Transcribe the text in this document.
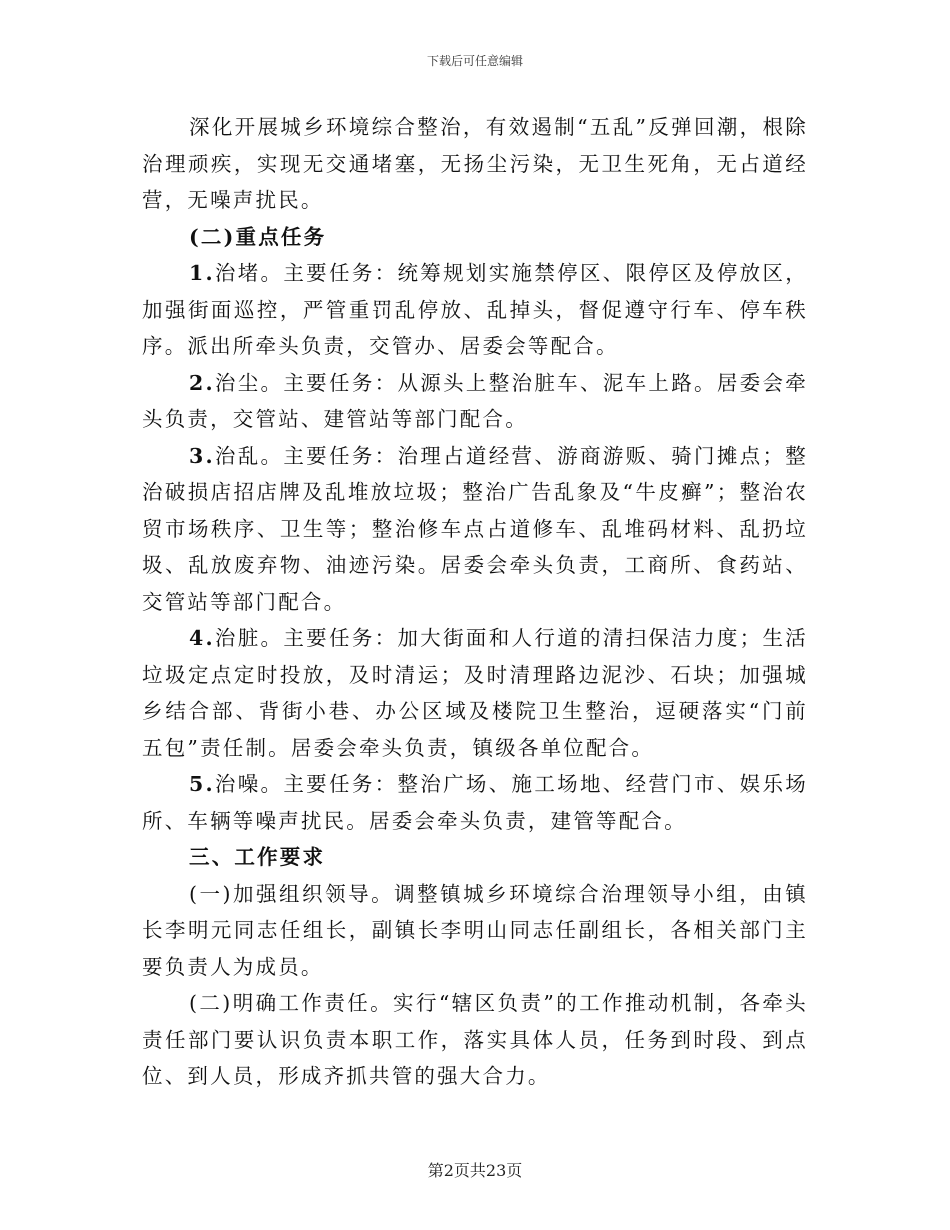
下载后可任意编辑

深化开展城乡环境综合整治，有效遏制“五乱”反弹回潮，根除治理顽疾，实现无交通堵塞，无扬尘污染，无卫生死角，无占道经营，无噪声扰民。

(二)重点任务

1.治堵。主要任务：统筹规划实施禁停区、限停区及停放区，加强街面巡控，严管重罚乱停放、乱掉头，督促遵守行车、停车秩序。派出所牵头负责，交管办、居委会等配合。

2.治尘。主要任务：从源头上整治脏车、泥车上路。居委会牵头负责，交管站、建管站等部门配合。

3.治乱。主要任务：治理占道经营、游商游贩、骑门摊点；整治破损店招店牌及乱堆放垃圾；整治广告乱象及“牛皮癣”；整治农贸市场秩序、卫生等；整治修车点占道修车、乱堆码材料、乱扔垃圾、乱放废弃物、油迹污染。居委会牵头负责，工商所、食药站、交管站等部门配合。

4.治脏。主要任务：加大街面和人行道的清扫保洁力度；生活垃圾定点定时投放，及时清运；及时清理路边泥沙、石块；加强城乡结合部、背街小巷、办公区域及楼院卫生整治，逗硬落实“门前五包”责任制。居委会牵头负责，镇级各单位配合。

5.治噪。主要任务：整治广场、施工场地、经营门市、娱乐场所、车辆等噪声扰民。居委会牵头负责，建管等配合。

三、工作要求

(一)加强组织领导。调整镇城乡环境综合治理领导小组，由镇长李明元同志任组长，副镇长李明山同志任副组长，各相关部门主要负责人为成员。

(二)明确工作责任。实行“辖区负责”的工作推动机制，各牵头责任部门要认识负责本职工作，落实具体人员，任务到时段、到点位、到人员，形成齐抓共管的强大合力。

第2页共23页
